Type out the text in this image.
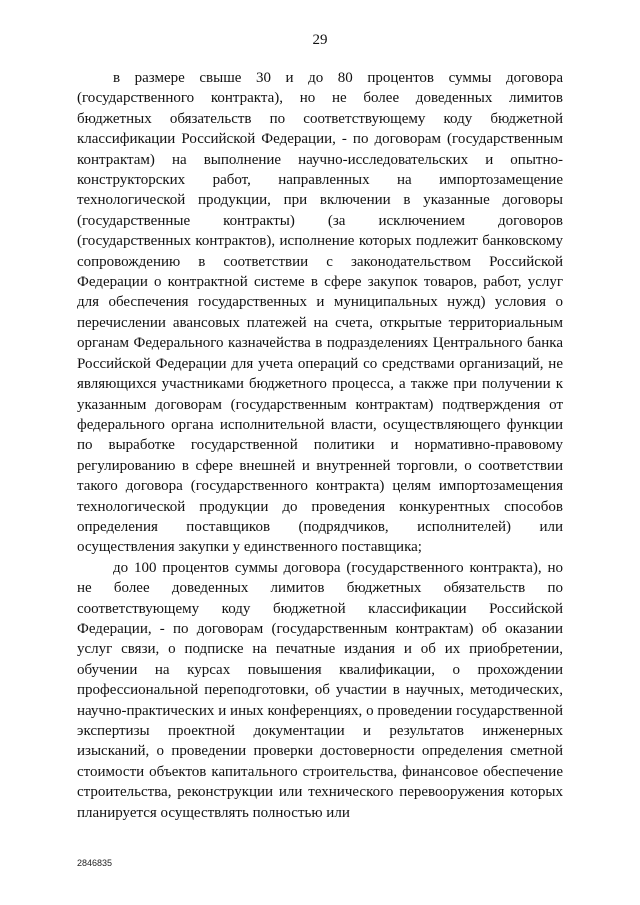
29

в размере свыше 30 и до 80 процентов суммы договора (государственного контракта), но не более доведенных лимитов бюджетных обязательств по соответствующему коду бюджетной классификации Российской Федерации, - по договорам (государственным контрактам) на выполнение научно-исследовательских и опытно-конструкторских работ, направленных на импортозамещение технологической продукции, при включении в указанные договоры (государственные контракты) (за исключением договоров (государственных контрактов), исполнение которых подлежит банковскому сопровождению в соответствии с законодательством Российской Федерации о контрактной системе в сфере закупок товаров, работ, услуг для обеспечения государственных и муниципальных нужд) условия о перечислении авансовых платежей на счета, открытые территориальным органам Федерального казначейства в подразделениях Центрального банка Российской Федерации для учета операций со средствами организаций, не являющихся участниками бюджетного процесса, а также при получении к указанным договорам (государственным контрактам) подтверждения от федерального органа исполнительной власти, осуществляющего функции по выработке государственной политики и нормативно-правовому регулированию в сфере внешней и внутренней торговли, о соответствии такого договора (государственного контракта) целям импортозамещения технологической продукции до проведения конкурентных способов определения поставщиков (подрядчиков, исполнителей) или осуществления закупки у единственного поставщика;

до 100 процентов суммы договора (государственного контракта), но не более доведенных лимитов бюджетных обязательств по соответствующему коду бюджетной классификации Российской Федерации, - по договорам (государственным контрактам) об оказании услуг связи, о подписке на печатные издания и об их приобретении, обучении на курсах повышения квалификации, о прохождении профессиональной переподготовки, об участии в научных, методических, научно-практических и иных конференциях, о проведении государственной экспертизы проектной документации и результатов инженерных изысканий, о проведении проверки достоверности определения сметной стоимости объектов капитального строительства, финансовое обеспечение строительства, реконструкции или технического перевооружения которых планируется осуществлять полностью или

2846835
